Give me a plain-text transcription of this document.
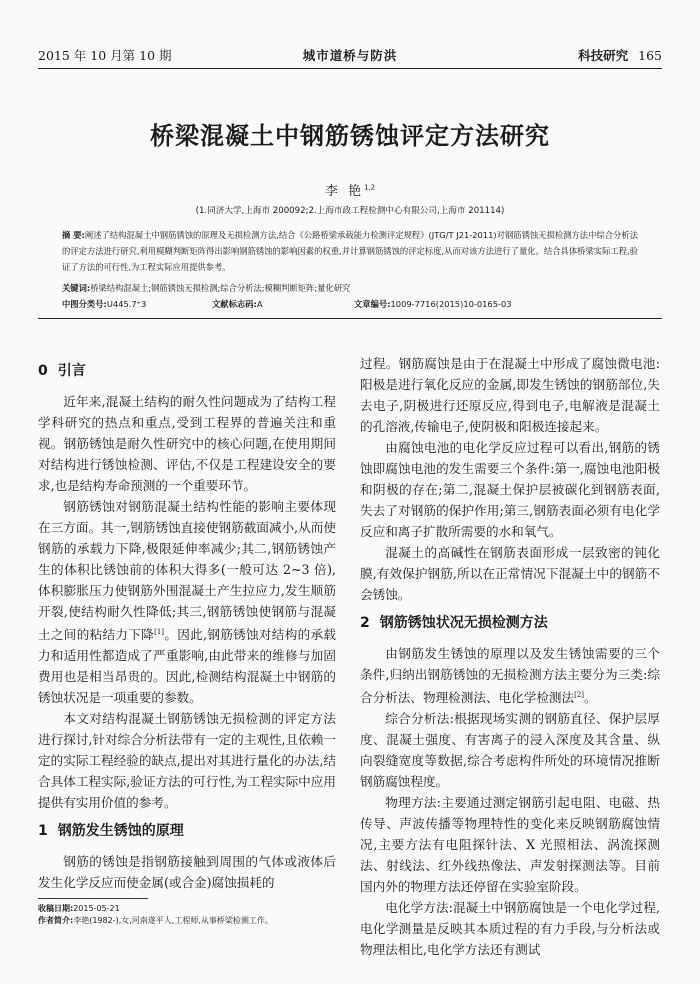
2015 年 10 月第 10 期	城市道桥与防洪	科技研究 165
桥梁混凝土中钢筋锈蚀评定方法研究
李 艳$^{1,2}$
(1.同济大学,上海市 200092;2.上海市政工程检测中心有限公司,上海市 201114)
摘 要:阐述了结构混凝土中钢筋锈蚀的原理及无损检测方法,结合《公路桥梁承载能力检测评定规程》(JTG/T J21-2011)对钢筋锈蚀无损检测方法中综合分析法的评定方法进行研究,利用模糊判断矩阵得出影响钢筋锈蚀的影响因素的权重,并计算钢筋锈蚀的评定标度,从而对该方法进行了量化。结合具体桥梁实际工程,验证了方法的可行性,为工程实际应用提供参考。
关键词:桥梁结构混凝土;钢筋锈蚀无损检测;综合分析法;模糊判断矩阵;量化研究
中图分类号:U445.7⁺3	文献标志码:A	文章编号:1009-7716(2015)10-0165-03
0 引言

近年来,混凝土结构的耐久性问题成为了结构工程学科研究的热点和重点,受到工程界的普遍关注和重视。钢筋锈蚀是耐久性研究中的核心问题,在使用期间对结构进行锈蚀检测、评估,不仅是工程建设安全的要求,也是结构寿命预测的一个重要环节。

钢筋锈蚀对钢筋混凝土结构性能的影响主要体现在三方面。其一,钢筋锈蚀直接使钢筋截面减小,从而使钢筋的承载力下降,极限延伸率减少;其二,钢筋锈蚀产生的体积比锈蚀前的体积大得多(一般可达 2~3 倍),体积膨胀压力使钢筋外围混凝土产生拉应力,发生顺筋开裂,使结构耐久性降低;其三,钢筋锈蚀使钢筋与混凝土之间的粘结力下降[1]。因此,钢筋锈蚀对结构的承载力和适用性都造成了严重影响,由此带来的维修与加固费用也是相当昂贵的。因此,检测结构混凝土中钢筋的锈蚀状况是一项重要的参数。

本文对结构混凝土钢筋锈蚀无损检测的评定方法进行探讨,针对综合分析法带有一定的主观性,且依赖一定的实际工程经验的缺点,提出对其进行量化的办法,结合具体工程实际,验证方法的可行性,为工程实际中应用提供有实用价值的参考。

1 钢筋发生锈蚀的原理

钢筋的锈蚀是指钢筋接触到周围的气体或液体后发生化学反应而使金属(或合金)腐蚀损耗的

过程。钢筋腐蚀是由于在混凝土中形成了腐蚀微电池:阳极是进行氧化反应的金属,即发生锈蚀的钢筋部位,失去电子,阴极进行还原反应,得到电子,电解液是混凝土的孔溶液,传输电子,使阴极和阳极连接起来。

由腐蚀电池的电化学反应过程可以看出,钢筋的锈蚀即腐蚀电池的发生需要三个条件:第一,腐蚀电池阳极和阴极的存在;第二,混凝土保护层被碳化到钢筋表面,失去了对钢筋的保护作用;第三,钢筋表面必须有电化学反应和离子扩散所需要的水和氧气。

混凝土的高碱性在钢筋表面形成一层致密的钝化膜,有效保护钢筋,所以在正常情况下混凝土中的钢筋不会锈蚀。

2 钢筋锈蚀状况无损检测方法

由钢筋发生锈蚀的原理以及发生锈蚀需要的三个条件,归纳出钢筋锈蚀的无损检测方法主要分为三类:综合分析法、物理检测法、电化学检测法[2]。

综合分析法:根据现场实测的钢筋直径、保护层厚度、混凝土强度、有害离子的浸入深度及其含量、纵向裂缝宽度等数据,综合考虑构件所处的环境情况推断钢筋腐蚀程度。

物理方法:主要通过测定钢筋引起电阻、电磁、热传导、声波传播等物理特性的变化来反映钢筋腐蚀情况,主要方法有电阻探针法、X 光照相法、涡流探测法、射线法、红外线热像法、声发射探测法等。目前国内外的物理方法还停留在实验室阶段。

电化学方法:混凝土中钢筋腐蚀是一个电化学过程,电化学测量是反映其本质过程的有力手段,与分析法或物理法相比,电化学方法还有测试

收稿日期:2015-05-21
作者简介:李艳(1982-),女,河南遂平人,工程师,从事桥梁检测工作。
